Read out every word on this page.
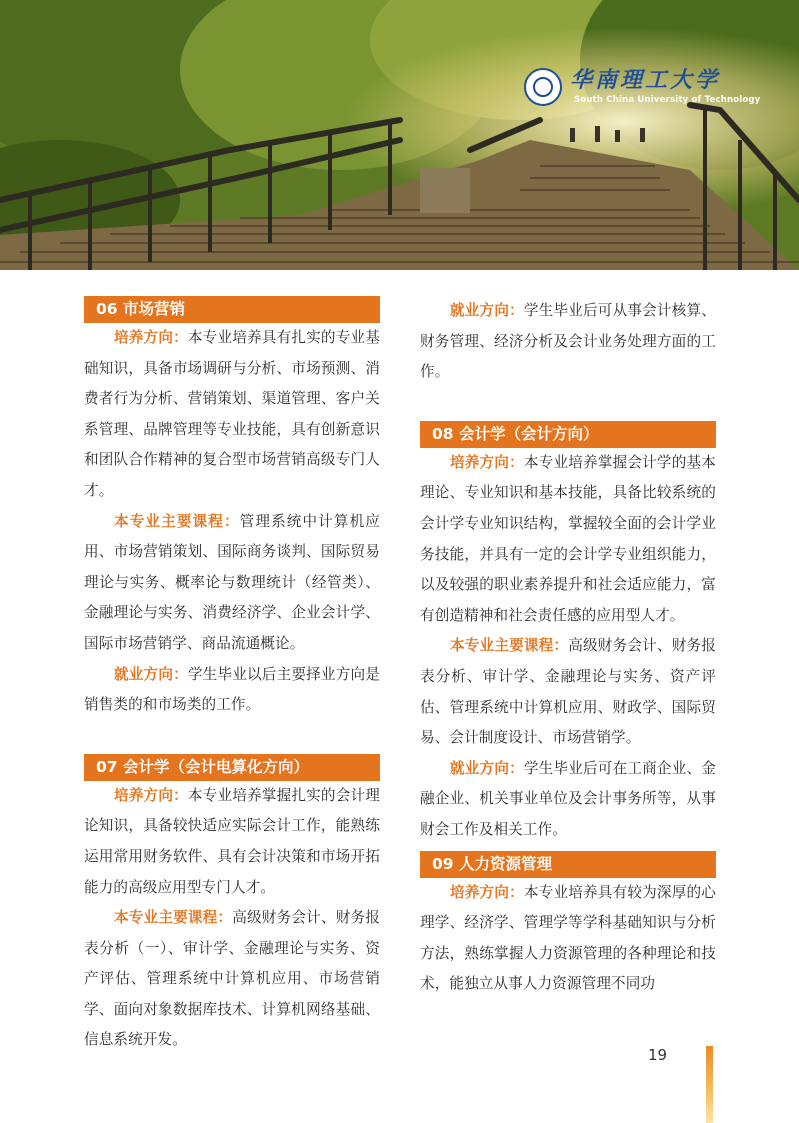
华南理工大学
South China University of Technology
06 市场营销

培养方向：本专业培养具有扎实的专业基础知识，具备市场调研与分析、市场预测、消费者行为分析、营销策划、渠道管理、客户关系管理、品牌管理等专业技能，具有创新意识和团队合作精神的复合型市场营销高级专门人才。

本专业主要课程：管理系统中计算机应用、市场营销策划、国际商务谈判、国际贸易理论与实务、概率论与数理统计（经管类）、金融理论与实务、消费经济学、企业会计学、国际市场营销学、商品流通概论。

就业方向：学生毕业以后主要择业方向是销售类的和市场类的工作。

07 会计学（会计电算化方向）

培养方向：本专业培养掌握扎实的会计理论知识，具备较快适应实际会计工作，能熟练运用常用财务软件、具有会计决策和市场开拓能力的高级应用型专门人才。

本专业主要课程：高级财务会计、财务报表分析（一）、审计学、金融理论与实务、资产评估、管理系统中计算机应用、市场营销学、面向对象数据库技术、计算机网络基础、信息系统开发。

就业方向：学生毕业后可从事会计核算、财务管理、经济分析及会计业务处理方面的工作。

08 会计学（会计方向）

培养方向：本专业培养掌握会计学的基本理论、专业知识和基本技能，具备比较系统的会计学专业知识结构，掌握较全面的会计学业务技能，并具有一定的会计学专业组织能力，以及较强的职业素养提升和社会适应能力，富有创造精神和社会责任感的应用型人才。

本专业主要课程：高级财务会计、财务报表分析、审计学、金融理论与实务、资产评估、管理系统中计算机应用、财政学、国际贸易、会计制度设计、市场营销学。

就业方向：学生毕业后可在工商企业、金融企业、机关事业单位及会计事务所等，从事财会工作及相关工作。

09 人力资源管理

培养方向：本专业培养具有较为深厚的心理学、经济学、管理学等学科基础知识与分析方法，熟练掌握人力资源管理的各种理论和技术，能独立从事人力资源管理不同功

19
